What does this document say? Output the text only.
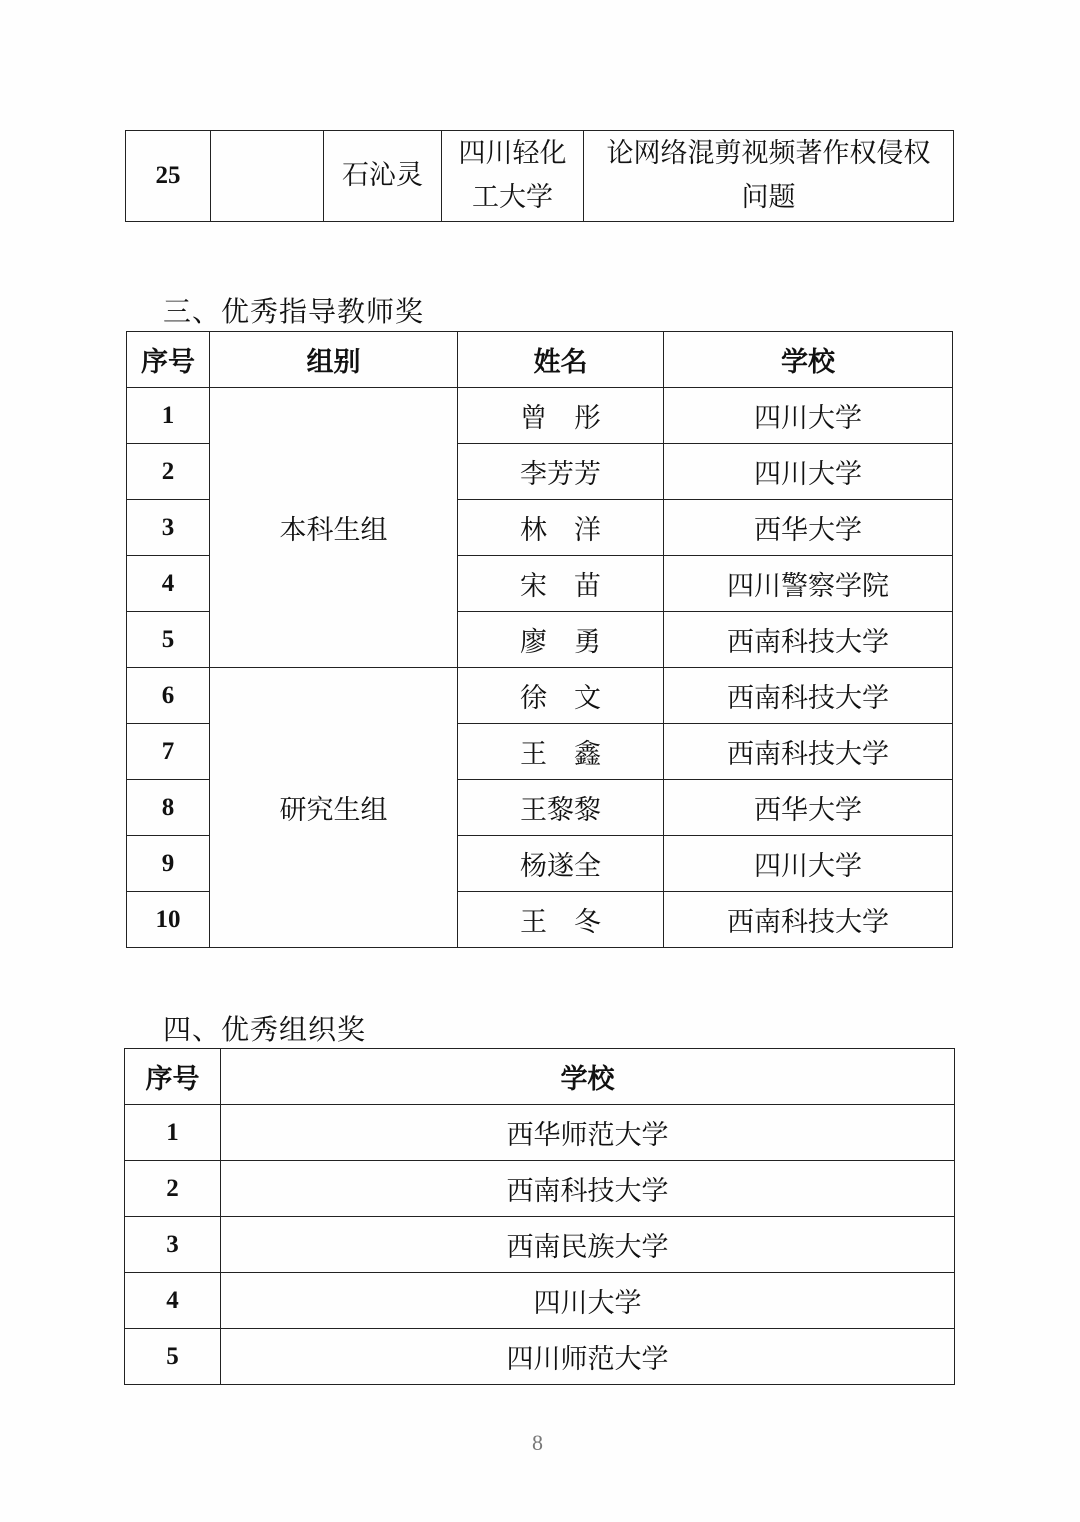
25		石沁灵	四川轻化工大学	论网络混剪视频著作权侵权问题
三、优秀指导教师奖
序号	组别	姓名	学校
1	本科生组	曾　彤	四川大学
2		李芳芳	四川大学
3		林　洋	西华大学
4		宋　苗	四川警察学院
5		廖　勇	西南科技大学
6	研究生组	徐　文	西南科技大学
7		王　鑫	西南科技大学
8		王黎黎	西华大学
9		杨遂全	四川大学
10		王　冬	西南科技大学
四、优秀组织奖
序号	学校
1	西华师范大学
2	西南科技大学
3	西南民族大学
4	四川大学
5	四川师范大学
8
